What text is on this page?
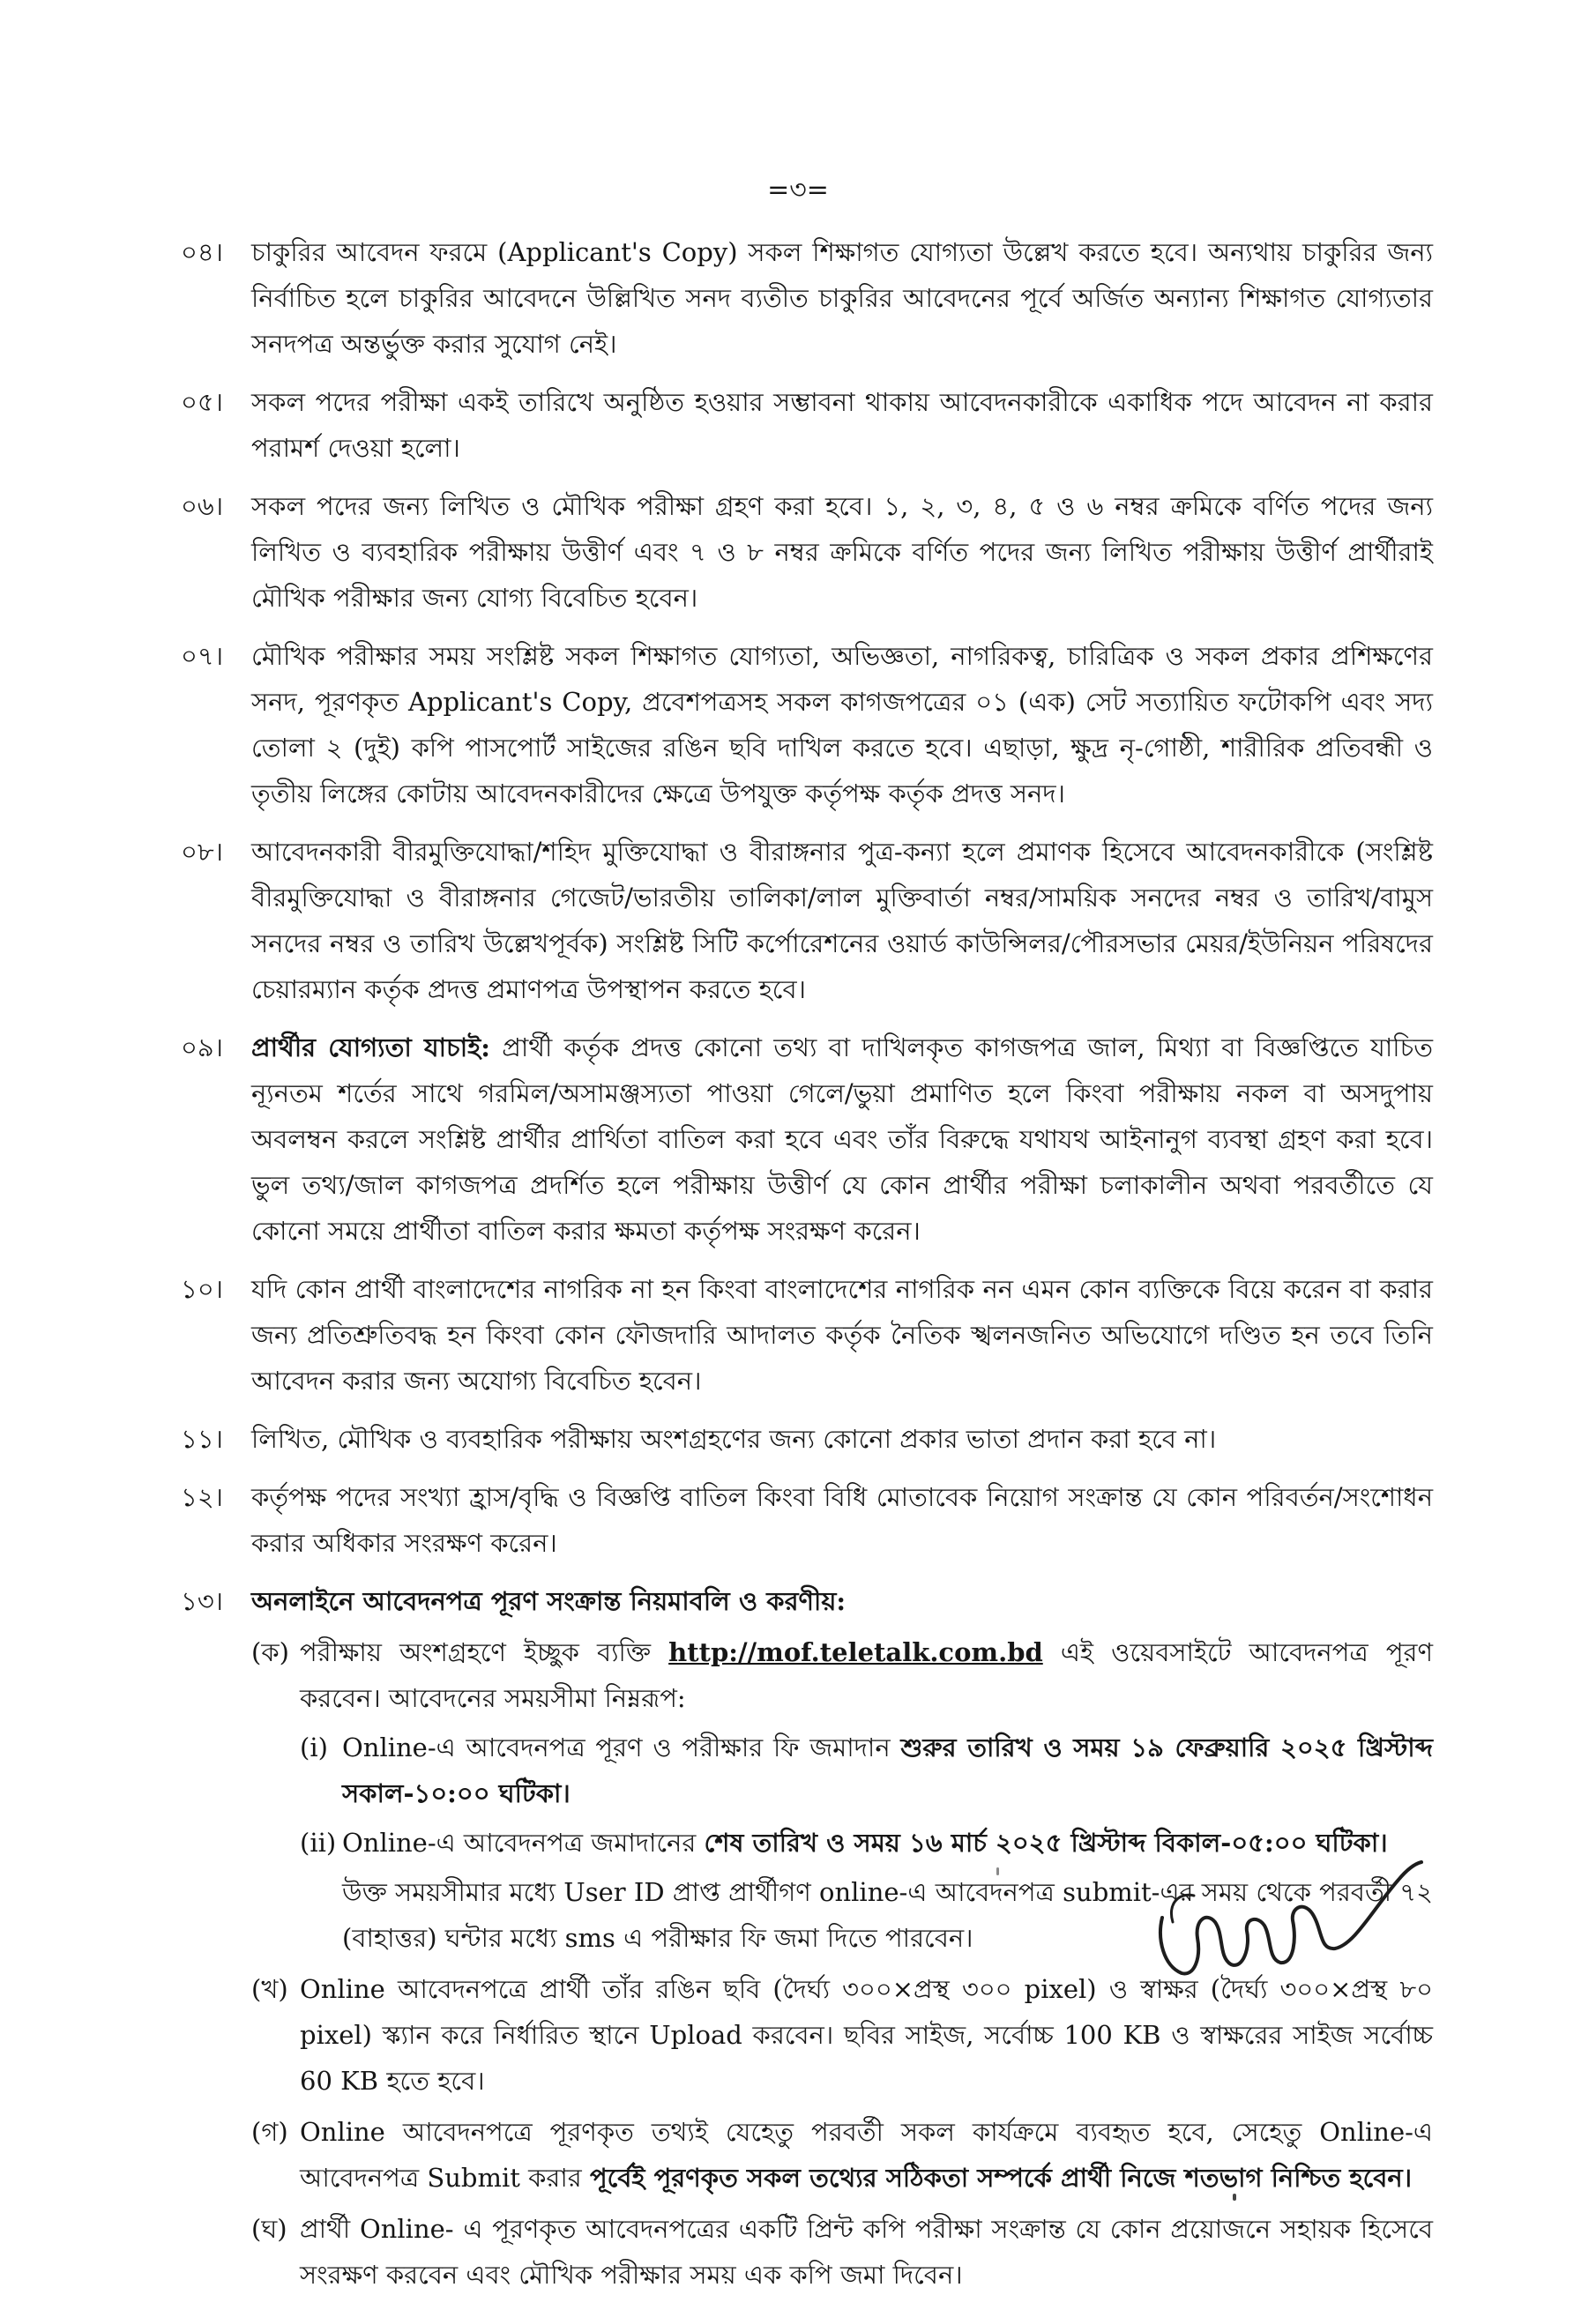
=৩=
০৪।	চাকুরির আবেদন ফরমে (Applicant's Copy) সকল শিক্ষাগত যোগ্যতা উল্লেখ করতে হবে। অন্যথায় চাকুরির জন্য নির্বাচিত হলে চাকুরির আবেদনে উল্লিখিত সনদ ব্যতীত চাকুরির আবেদনের পূর্বে অর্জিত অন্যান্য শিক্ষাগত যোগ্যতার সনদপত্র অন্তর্ভুক্ত করার সুযোগ নেই।
০৫।	সকল পদের পরীক্ষা একই তারিখে অনুষ্ঠিত হওয়ার সম্ভাবনা থাকায় আবেদনকারীকে একাধিক পদে আবেদন না করার পরামর্শ দেওয়া হলো।
০৬।	সকল পদের জন্য লিখিত ও মৌখিক পরীক্ষা গ্রহণ করা হবে। ১, ২, ৩, ৪, ৫ ও ৬ নম্বর ক্রমিকে বর্ণিত পদের জন্য লিখিত ও ব্যবহারিক পরীক্ষায় উত্তীর্ণ এবং ৭ ও ৮ নম্বর ক্রমিকে বর্ণিত পদের জন্য লিখিত পরীক্ষায় উত্তীর্ণ প্রার্থীরাই মৌখিক পরীক্ষার জন্য যোগ্য বিবেচিত হবেন।
০৭।	মৌখিক পরীক্ষার সময় সংশ্লিষ্ট সকল শিক্ষাগত যোগ্যতা, অভিজ্ঞতা, নাগরিকত্ব, চারিত্রিক ও সকল প্রকার প্রশিক্ষণের সনদ, পূরণকৃত Applicant's Copy, প্রবেশপত্রসহ সকল কাগজপত্রের ০১ (এক) সেট সত্যায়িত ফটোকপি এবং সদ্য তোলা ২ (দুই) কপি পাসপোর্ট সাইজের রঙিন ছবি দাখিল করতে হবে। এছাড়া, ক্ষুদ্র নৃ-গোষ্ঠী, শারীরিক প্রতিবন্ধী ও তৃতীয় লিঙ্গের কোটায় আবেদনকারীদের ক্ষেত্রে উপযুক্ত কর্তৃপক্ষ কর্তৃক প্রদত্ত সনদ।
০৮।	আবেদনকারী বীরমুক্তিযোদ্ধা/শহিদ মুক্তিযোদ্ধা ও বীরাঙ্গনার পুত্র-কন্যা হলে প্রমাণক হিসেবে আবেদনকারীকে (সংশ্লিষ্ট বীরমুক্তিযোদ্ধা ও বীরাঙ্গনার গেজেট/ভারতীয় তালিকা/লাল মুক্তিবার্তা নম্বর/সাময়িক সনদের নম্বর ও তারিখ/বামুস সনদের নম্বর ও তারিখ উল্লেখপূর্বক) সংশ্লিষ্ট সিটি কর্পোরেশনের ওয়ার্ড কাউন্সিলর/পৌরসভার মেয়র/ইউনিয়ন পরিষদের চেয়ারম্যান কর্তৃক প্রদত্ত প্রমাণপত্র উপস্থাপন করতে হবে।
০৯।	প্রার্থীর যোগ্যতা যাচাই: প্রার্থী কর্তৃক প্রদত্ত কোনো তথ্য বা দাখিলকৃত কাগজপত্র জাল, মিথ্যা বা বিজ্ঞপ্তিতে যাচিত ন্যূনতম শর্তের সাথে গরমিল/অসামঞ্জস্যতা পাওয়া গেলে/ভুয়া প্রমাণিত হলে কিংবা পরীক্ষায় নকল বা অসদুপায় অবলম্বন করলে সংশ্লিষ্ট প্রার্থীর প্রার্থিতা বাতিল করা হবে এবং তাঁর বিরুদ্ধে যথাযথ আইনানুগ ব্যবস্থা গ্রহণ করা হবে। ভুল তথ্য/জাল কাগজপত্র প্রদর্শিত হলে পরীক্ষায় উত্তীর্ণ যে কোন প্রার্থীর পরীক্ষা চলাকালীন অথবা পরবর্তীতে যে কোনো সময়ে প্রার্থীতা বাতিল করার ক্ষমতা কর্তৃপক্ষ সংরক্ষণ করেন।
১০।	যদি কোন প্রার্থী বাংলাদেশের নাগরিক না হন কিংবা বাংলাদেশের নাগরিক নন এমন কোন ব্যক্তিকে বিয়ে করেন বা করার জন্য প্রতিশ্রুতিবদ্ধ হন কিংবা কোন ফৌজদারি আদালত কর্তৃক নৈতিক স্খলনজনিত অভিযোগে দণ্ডিত হন তবে তিনি আবেদন করার জন্য অযোগ্য বিবেচিত হবেন।
১১।	লিখিত, মৌখিক ও ব্যবহারিক পরীক্ষায় অংশগ্রহণের জন্য কোনো প্রকার ভাতা প্রদান করা হবে না।
১২।	কর্তৃপক্ষ পদের সংখ্যা হ্রাস/বৃদ্ধি ও বিজ্ঞপ্তি বাতিল কিংবা বিধি মোতাবেক নিয়োগ সংক্রান্ত যে কোন পরিবর্তন/সংশোধন করার অধিকার সংরক্ষণ করেন।
১৩।	অনলাইনে আবেদনপত্র পূরণ সংক্রান্ত নিয়মাবলি ও করণীয়:
(ক) পরীক্ষায় অংশগ্রহণে ইচ্ছুক ব্যক্তি http://mof.teletalk.com.bd এই ওয়েবসাইটে আবেদনপত্র পূরণ করবেন। আবেদনের সময়সীমা নিম্নরূপ:
(i) Online-এ আবেদনপত্র পূরণ ও পরীক্ষার ফি জমাদান শুরুর তারিখ ও সময় ১৯ ফেব্রুয়ারি ২০২৫ খ্রিস্টাব্দ সকাল-১০:০০ ঘটিকা।
(ii) Online-এ আবেদনপত্র জমাদানের শেষ তারিখ ও সময় ১৬ মার্চ ২০২৫ খ্রিস্টাব্দ বিকাল-০৫:০০ ঘটিকা।
উক্ত সময়সীমার মধ্যে User ID প্রাপ্ত প্রার্থীগণ online-এ আবেদনপত্র submit-এর সময় থেকে পরবর্তী ৭২ (বাহাত্তর) ঘন্টার মধ্যে sms এ পরীক্ষার ফি জমা দিতে পারবেন।
(খ) Online আবেদনপত্রে প্রার্থী তাঁর রঙিন ছবি (দৈর্ঘ্য ৩০০×প্রস্থ ৩০০ pixel) ও স্বাক্ষর (দৈর্ঘ্য ৩০০×প্রস্থ ৮০ pixel) স্ক্যান করে নির্ধারিত স্থানে Upload করবেন। ছবির সাইজ, সর্বোচ্চ 100 KB ও স্বাক্ষরের সাইজ সর্বোচ্চ 60 KB হতে হবে।
(গ) Online আবেদনপত্রে পূরণকৃত তথ্যই যেহেতু পরবর্তী সকল কার্যক্রমে ব্যবহৃত হবে, সেহেতু Online-এ আবেদনপত্র Submit করার পূর্বেই পূরণকৃত সকল তথ্যের সঠিকতা সম্পর্কে প্রার্থী নিজে শতভাগ নিশ্চিত হবেন।
(ঘ) প্রার্থী Online- এ পূরণকৃত আবেদনপত্রের একটি প্রিন্ট কপি পরীক্ষা সংক্রান্ত যে কোন প্রয়োজনে সহায়ক হিসেবে সংরক্ষণ করবেন এবং মৌখিক পরীক্ষার সময় এক কপি জমা দিবেন।
